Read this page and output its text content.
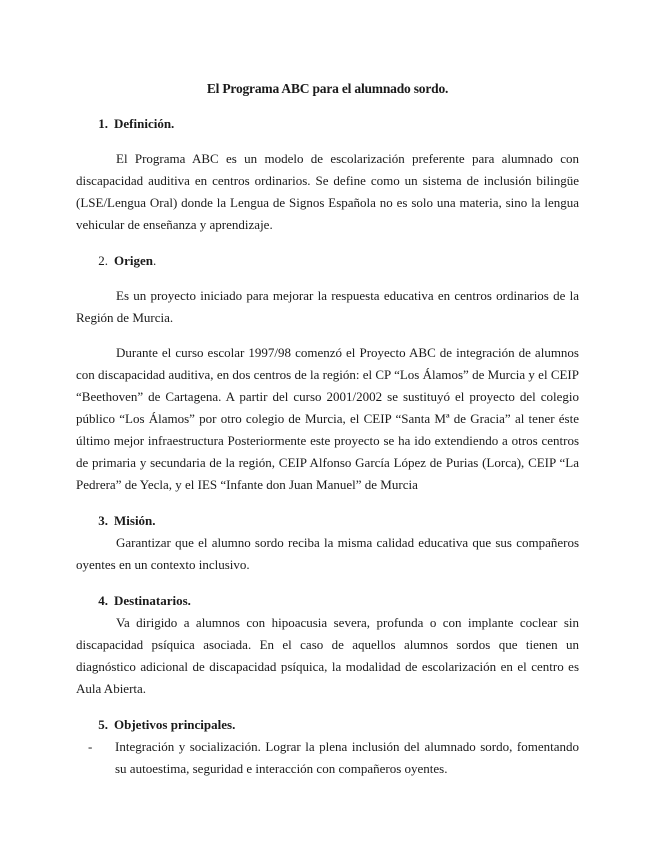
El Programa ABC para el alumnado sordo.

1. Definición.

El Programa ABC es un modelo de escolarización preferente para alumnado con discapacidad auditiva en centros ordinarios. Se define como un sistema de inclusión bilingüe (LSE/Lengua Oral) donde la Lengua de Signos Española no es solo una materia, sino la lengua vehicular de enseñanza y aprendizaje.

2. Origen.

Es un proyecto iniciado para mejorar la respuesta educativa en centros ordinarios de la Región de Murcia.

Durante el curso escolar 1997/98 comenzó el Proyecto ABC de integración de alumnos con discapacidad auditiva, en dos centros de la región: el CP “Los Álamos” de Murcia y el CEIP “Beethoven” de Cartagena. A partir del curso 2001/2002 se sustituyó el proyecto del colegio público “Los Álamos” por otro colegio de Murcia, el CEIP “Santa Mª de Gracia” al tener éste último mejor infraestructura Posteriormente este proyecto se ha ido extendiendo a otros centros de primaria y secundaria de la región, CEIP Alfonso García López de Purias (Lorca), CEIP “La Pedrera” de Yecla, y el IES “Infante don Juan Manuel” de Murcia

3. Misión.

Garantizar que el alumno sordo reciba la misma calidad educativa que sus compañeros oyentes en un contexto inclusivo.

4. Destinatarios.

Va dirigido a alumnos con hipoacusia severa, profunda o con implante coclear sin discapacidad psíquica asociada. En el caso de aquellos alumnos sordos que tienen un diagnóstico adicional de discapacidad psíquica, la modalidad de escolarización en el centro es Aula Abierta.

5. Objetivos principales.
-	Integración y socialización. Lograr la plena inclusión del alumnado sordo, fomentando su autoestima, seguridad e interacción con compañeros oyentes.
